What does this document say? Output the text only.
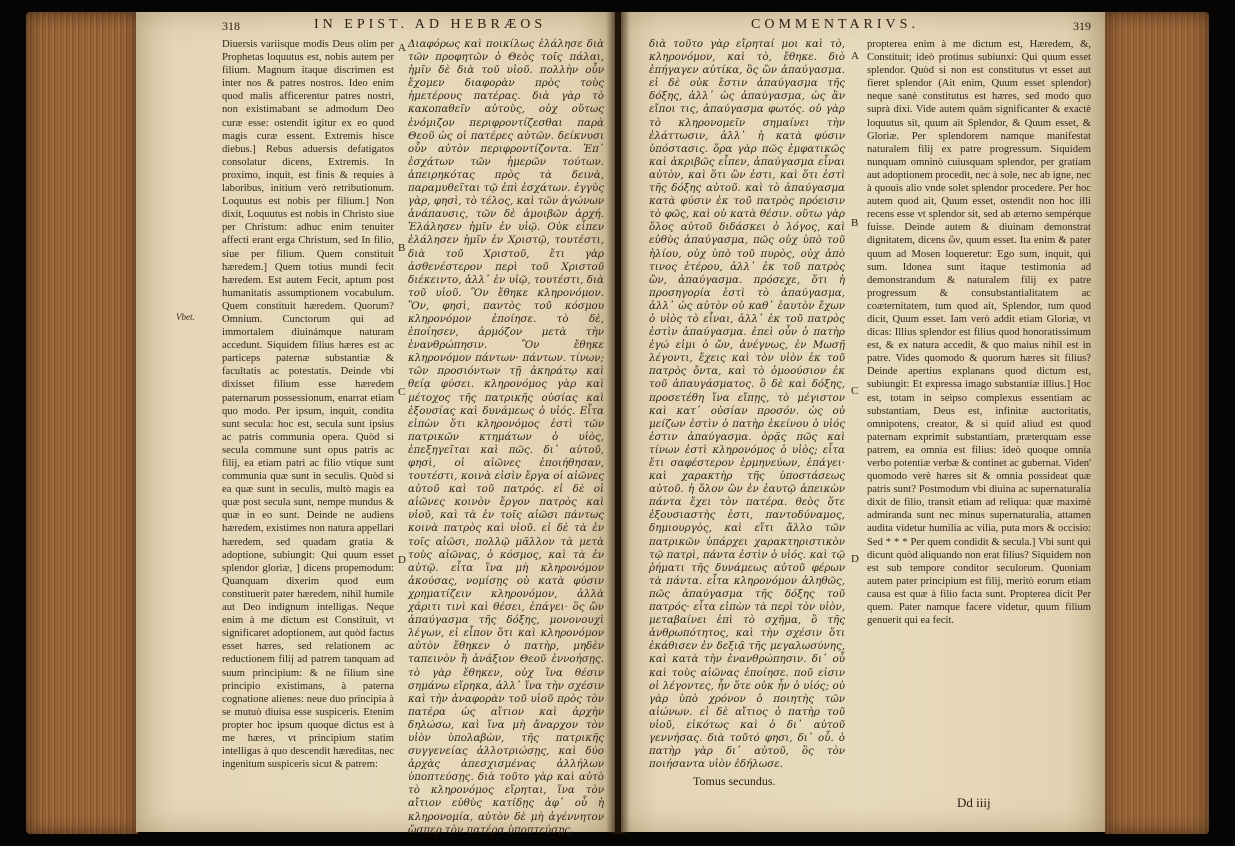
318	IN EPIST. AD HEBRÆOS
Vbet.
Diuersis variisque modis Deus olim per Prophetas loquutus est, nobis autem per filium. Magnum itaque discrimen est inter nos & patres nostros. Ideo enim quod malis afficerentur patres nostri, non existimabant se admodum Deo curæ esse: ostendit igitur ex eo quod magis curæ essent. Extremis hisce diebus.] Rebus aduersis defatigatos consolatur dicens, Extremis. In proximo, inquit, est finis & requies à laboribus, initium verò retributionum. Loquutus est nobis per filium.] Non dixit, Loquutus est nobis in Christo siue per Christum: adhuc enim tenuiter affecti erant erga Christum, sed In filio, siue per filium. Quem constituit hæredem.] Quem totius mundi fecit hæredem. Est autem Fecit, aptum post humanitatis assumptionem vocabulum. Quem constituit hæredem. Quorum? Omnium. Cunctorum qui ad immortalem diuinámque naturam accedunt. Siquidem filius hæres est ac particeps paternæ substantiæ & facultatis ac potestatis. Deinde vbi dixisset filium esse hæredem paternarum possessionum, enarrat etiam quo modo. Per ipsum, inquit, condita sunt secula: hoc est, secula sunt ipsius ac patris communia opera. Quòd si secula commune sunt opus patris ac filij, ea etiam patri ac filio vtique sunt communia quæ sunt in seculis. Quòd si ea quæ sunt in seculis, multò magis ea quæ post secula sunt, nempe mundus & quæ in eo sunt. Deinde ne audiens hæredem, existimes non natura appellari hæredem, sed quadam gratia & adoptione, subiungit: Qui quum esset splendor gloriæ, ] dicens propemodum: Quanquam dixerim quod eum constituerit pater hæredem, nihil humile aut Deo indignum intelligas. Neque enim à me dictum est Constituit, vt significaret adoptionem, aut quòd factus esset hæres, sed relationem ac reductionem filij ad patrem tanquam ad suum principium: & ne filium sine principio existimans, à paterna cognatione alienes: neue duo principia à se mutuò diuisa esse suspiceris. Etenim propter hoc ipsum quoque dictus est à me hæres, vt principium statim intelligas à quo descendit hæreditas, nec ingenitum suspiceris sicut & patrem:
Διαφόρως καὶ ποικίλως ἐλάλησε διὰ τῶν προφητῶν ὁ Θεὸς τοῖς πάλαι, ἡμῖν δὲ διὰ τοῦ υἱοῦ. πολλὴν οὖν ἔχομεν διαφορὰν πρὸς τοὺς ἡμετέρους πατέρας. διὰ γὰρ τὸ κακοπαθεῖν αὐτοὺς, οὐχ οὕτως ἐνόμιζον περιφροντίζεσθαι παρὰ Θεοῦ ὡς οἱ πατέρες αὐτῶν. δείκνυσι οὖν αὐτὸν περιφροντίζοντα. Ἐπ᾿ ἐσχάτων τῶν ἡμερῶν τούτων. ἀπειρηκότας πρὸς τὰ δεινὰ, παραμυθεῖται τῷ ἐπὶ ἐσχάτων. ἐγγὺς γὰρ, φησὶ, τὸ τέλος, καὶ τῶν ἀγώνων ἀνάπαυσις, τῶν δὲ ἀμοιβῶν ἀρχή. Ἐλάλησεν ἡμῖν ἐν υἱῷ. Οὐκ εἶπεν ἐλάλησεν ἡμῖν ἐν Χριστῷ, τουτέστι, διὰ τοῦ Χριστοῦ, ἔτι γὰρ ἀσθενέστερον περὶ τοῦ Χριστοῦ διέκειντο, ἀλλ᾿ ἐν υἱῷ, τουτέστι, διὰ τοῦ υἱοῦ. Ὃν ἔθηκε κληρονόμον. Ὃν, φησὶ, παντὸς τοῦ κόσμου κληρονόμον ἐποίησε. τὸ δὲ, ἐποίησεν, ἁρμόζον μετὰ τὴν ἐνανθρώπησιν. Ὃν ἔθηκε κληρονόμον πάντων· πάντων. τίνων; τῶν προσιόντων τῇ ἀκηράτῳ καὶ θείᾳ φύσει. κληρονόμος γὰρ καὶ μέτοχος τῆς πατρικῆς οὐσίας καὶ ἐξουσίας καὶ δυνάμεως ὁ υἱός. Εἶτα εἰπὼν ὅτι κληρονόμος ἐστὶ τῶν πατρικῶν κτημάτων ὁ υἱὸς, ἐπεξηγεῖται καὶ πῶς. δι᾿ αὐτοῦ, φησὶ, οἱ αἰῶνες ἐποιήθησαν, τουτέστι, κοινὰ εἰσὶν ἔργα οἱ αἰῶνες αὐτοῦ καὶ τοῦ πατρός. εἰ δὲ οἱ αἰῶνες κοινὸν ἔργον πατρὸς καὶ υἱοῦ, καὶ τὰ ἐν τοῖς αἰῶσι πάντως κοινὰ πατρὸς καὶ υἱοῦ. εἰ δὲ τὰ ἐν τοῖς αἰῶσι, πολλῷ μᾶλλον τὰ μετὰ τοὺς αἰῶνας, ὁ κόσμος, καὶ τὰ ἐν αὐτῷ. εἶτα ἵνα μὴ κληρονόμον ἀκούσας, νομίσῃς οὐ κατὰ φύσιν χρηματίζειν κληρονόμον, ἀλλὰ χάριτι τινὶ καὶ θέσει, ἐπάγει· ὃς ὢν ἀπαύγασμα τῆς δόξης, μονονουχὶ λέγων, εἰ εἶπον ὅτι καὶ κληρονόμον αὐτὸν ἔθηκεν ὁ πατὴρ, μηδὲν ταπεινὸν ἢ ἀνάξιον Θεοῦ ἐννοήσῃς. τὸ γὰρ ἔθηκεν, οὐχ ἵνα θέσιν σημάνω εἴρηκα, ἀλλ᾿ ἵνα τὴν σχέσιν καὶ τὴν ἀναφορὰν τοῦ υἱοῦ πρὸς τὸν πατέρα ὡς αἴτιον καὶ ἀρχὴν δηλώσω, καὶ ἵνα μὴ ἄναρχον τὸν υἱὸν ὑπολαβὼν, τῆς πατρικῆς συγγενείας ἀλλοτριώσῃς, καὶ δύο ἀρχὰς ἀπεσχισμένας ἀλλήλων ὑποπτεύσῃς. διὰ τοῦτο γὰρ καὶ αὐτὸ τὸ κληρονόμος εἴρηται, ἵνα τὸν αἴτιον εὐθὺς κατίδῃς ἀφ᾿ οὗ ἡ κληρονομία, αὐτὸν δὲ μὴ ἀγέννητον ὥσπερ τὸν πατέρα ὑποπτεύσῃς.
A
B
C
D
COMMENTARIVS.	319
διὰ τοῦτο γὰρ εἴρηταί μοι καὶ τὸ, κληρονόμον, καὶ τὸ, ἔθηκε. διὸ ἐπήγαγεν αὐτίκα, ὃς ὢν ἀπαύγασμα. εἰ δὲ οὐκ ἔστιν ἀπαύγασμα τῆς δόξης, ἀλλ᾿ ὡς ἀπαύγασμα, ὡς ἂν εἴποι τις, ἀπαύγασμα φωτός. οὐ γὰρ τὸ κληρονομεῖν σημαίνει τὴν ἐλάττωσιν, ἀλλ᾿ ἡ κατὰ φύσιν ὑπόστασις. ὅρα γὰρ πῶς ἐμφατικῶς καὶ ἀκριβῶς εἶπεν, ἀπαύγασμα εἶναι αὐτὸν, καὶ ὅτι ὢν ἐστι, καὶ ὅτι ἐστὶ τῆς δόξης αὐτοῦ. καὶ τὸ ἀπαύγασμα κατὰ φύσιν ἐκ τοῦ πατρὸς πρόεισιν τὸ φῶς, καὶ οὐ κατὰ θέσιν. οὕτω γὰρ ὅλος αὐτοῦ διδάσκει ὁ λόγος, καὶ εὐθὺς ἀπαύγασμα, πῶς οὐχ ὑπὸ τοῦ ἡλίου, οὐχ ὑπὸ τοῦ πυρὸς, οὐχ ἀπὸ τινος ἑτέρου, ἀλλ᾿ ἐκ τοῦ πατρὸς ὢν, ἀπαύγασμα. πρόσεχε, ὅτι ἡ προσηγορία ἐστὶ τὸ ἀπαύγασμα, ἀλλ᾿ ὡς αὐτὸν οὐ καθ᾿ ἑαυτὸν ἔχων ὁ υἱὸς τὸ εἶναι, ἀλλ᾿ ἐκ τοῦ πατρὸς ἐστὶν ἀπαύγασμα. ἐπεὶ οὖν ὁ πατὴρ ἐγώ εἰμι ὁ ὤν, ἀνέγνως, ἐν Μωσῇ λέγοντι, ἔχεις καὶ τὸν υἱὸν ἐκ τοῦ πατρὸς ὄντα, καὶ τὸ ὁμοούσιον ἐκ τοῦ ἀπαυγάσματος. ὃ δὲ καὶ δόξης, προσετέθη ἵνα εἴπῃς, τὸ μέγιστον καὶ κατ᾿ οὐσίαν προσόν. ὡς οὐ μείζων ἐστὶν ὁ πατὴρ ἐκείνου ὁ υἱός ἐστιν ἀπαύγασμα. ὁρᾷς πῶς καὶ τίνων ἐστὶ κληρονόμος ὁ υἱὸς; εἶτα ἔτι σαφέστερον ἑρμηνεύων, ἐπάγει· καὶ χαρακτὴρ τῆς ὑποστάσεως αὐτοῦ. ἡ ὅλον ὢν ἐν ἑαυτῷ ἀπεικὼν πάντα ἔχει τὸν πατέρα. θεὸς ὅτε ἐξουσιαστὴς ἐστι, παντοδύναμος, δημιουργὸς, καὶ εἴτι ἄλλο τῶν πατρικῶν ὑπάρχει χαρακτηριστικὸν τῷ πατρὶ, πάντα ἐστὶν ὁ υἱός. καὶ τῷ ῥήματι τῆς δυνάμεως αὐτοῦ φέρων τὰ πάντα. εἶτα κληρονόμον ἀληθῶς, πῶς ἀπαύγασμα τῆς δόξης τοῦ πατρός· εἶτα εἰπὼν τὰ περὶ τὸν υἱὸν, μεταβαίνει ἐπὶ τὸ σχῆμα, ὃ τῆς ἀνθρωπότητος, καὶ τὴν σχέσιν ὅτι ἐκάθισεν ἐν δεξιᾷ τῆς μεγαλωσύνης, καὶ κατὰ τὴν ἐνανθρώπησιν. δι᾿ οὗ καὶ τοὺς αἰῶνας ἐποίησε. ποῦ εἰσιν οἱ λέγοντες, ἦν ὅτε οὐκ ἦν ὁ υἱός; οὐ γὰρ ὑπὸ χρόνον ὁ ποιητὴς τῶν αἰώνων. εἰ δὲ αἴτιος ὁ πατὴρ τοῦ υἱοῦ, εἰκότως καὶ ὁ δι᾿ αὐτοῦ γεννήσας. διὰ τοῦτό φησι, δι᾿ οὗ. ὁ πατὴρ γὰρ δι᾿ αὐτοῦ, ὃς τὸν ποιήσαντα υἱὸν ἐδήλωσε.
propterea enim à me dictum est, Hæredem, &, Constituit; ideò protinus subiunxi: Qui quum esset splendor. Quòd si non est constitutus vt esset aut fieret splendor (Ait enim, Quum esset splendor) neque sanè constitutus est hæres, sed modo quo suprà dixi. Vide autem quàm significanter & exactè loquutus sit, quum ait Splendor, & Quum esset, & Gloriæ. Per splendorem namque manifestat naturalem filij ex patre progressum. Siquidem nunquam omninò cuiusquam splendor, per gratiam aut adoptionem procedit, nec à sole, nec ab igne, nec à quouis alio vnde solet splendor procedere. Per hoc autem quod ait, Quum esset, ostendit non hoc illi recens esse vt splendor sit, sed ab æterno sempérque fuisse. Deinde autem & diuinam demonstrat dignitatem, dicens ὢν, quum esset. Ita enim & pater quum ad Mosen loqueretur: Ego sum, inquit, qui sum. Idonea sunt itaque testimonia ad demonstrandum & naturalem filij ex patre progressum & consubstantialitatem ac coæternitatem, tum quod ait, Splendor, tum quod dicit, Quum esset. Iam verò addit etiam Gloriæ, vt dicas: Illius splendor est filius quod honoratissimum est, & ex natura accedit, & quo maius nihil est in patre. Vides quomodo & quorum hæres sit filius? Deinde apertius explanans quod dictum est, subiungit: Et expressa imago substantiæ illius.] Hoc est, totam in seipso complexus essentiam ac substantiam, Deus est, infinitæ auctoritatis, omnipotens, creator, & si quid aliud est quod paternam exprimit substantiam, præterquam esse patrem, ea omnia est filius: ideò quoque omnia verbo potentiæ verbæ & continet ac gubernat. Viden' quomodo verè hæres sit & omnia possideat quæ patris sunt? Postmodum vbi diuina ac supernaturalia dixit de filio, transit etiam ad reliqua: quæ maximè admiranda sunt nec minus supernaturalia, attamen audita videtur humilia ac vilia, puta mors & occisio: Sed * * * Per quem condidit & secula.] Vbi sunt qui dicunt quòd aliquando non erat filius? Siquidem non est sub tempore conditor seculorum. Quoniam autem pater principium est filij, meritò eorum etiam causa est quæ à filio facta sunt. Propterea dicit Per quem. Pater namque facere videtur, quum filium genuerit qui ea fecit.
A
B
C
D
Tomus secundus.
Dd iiij
